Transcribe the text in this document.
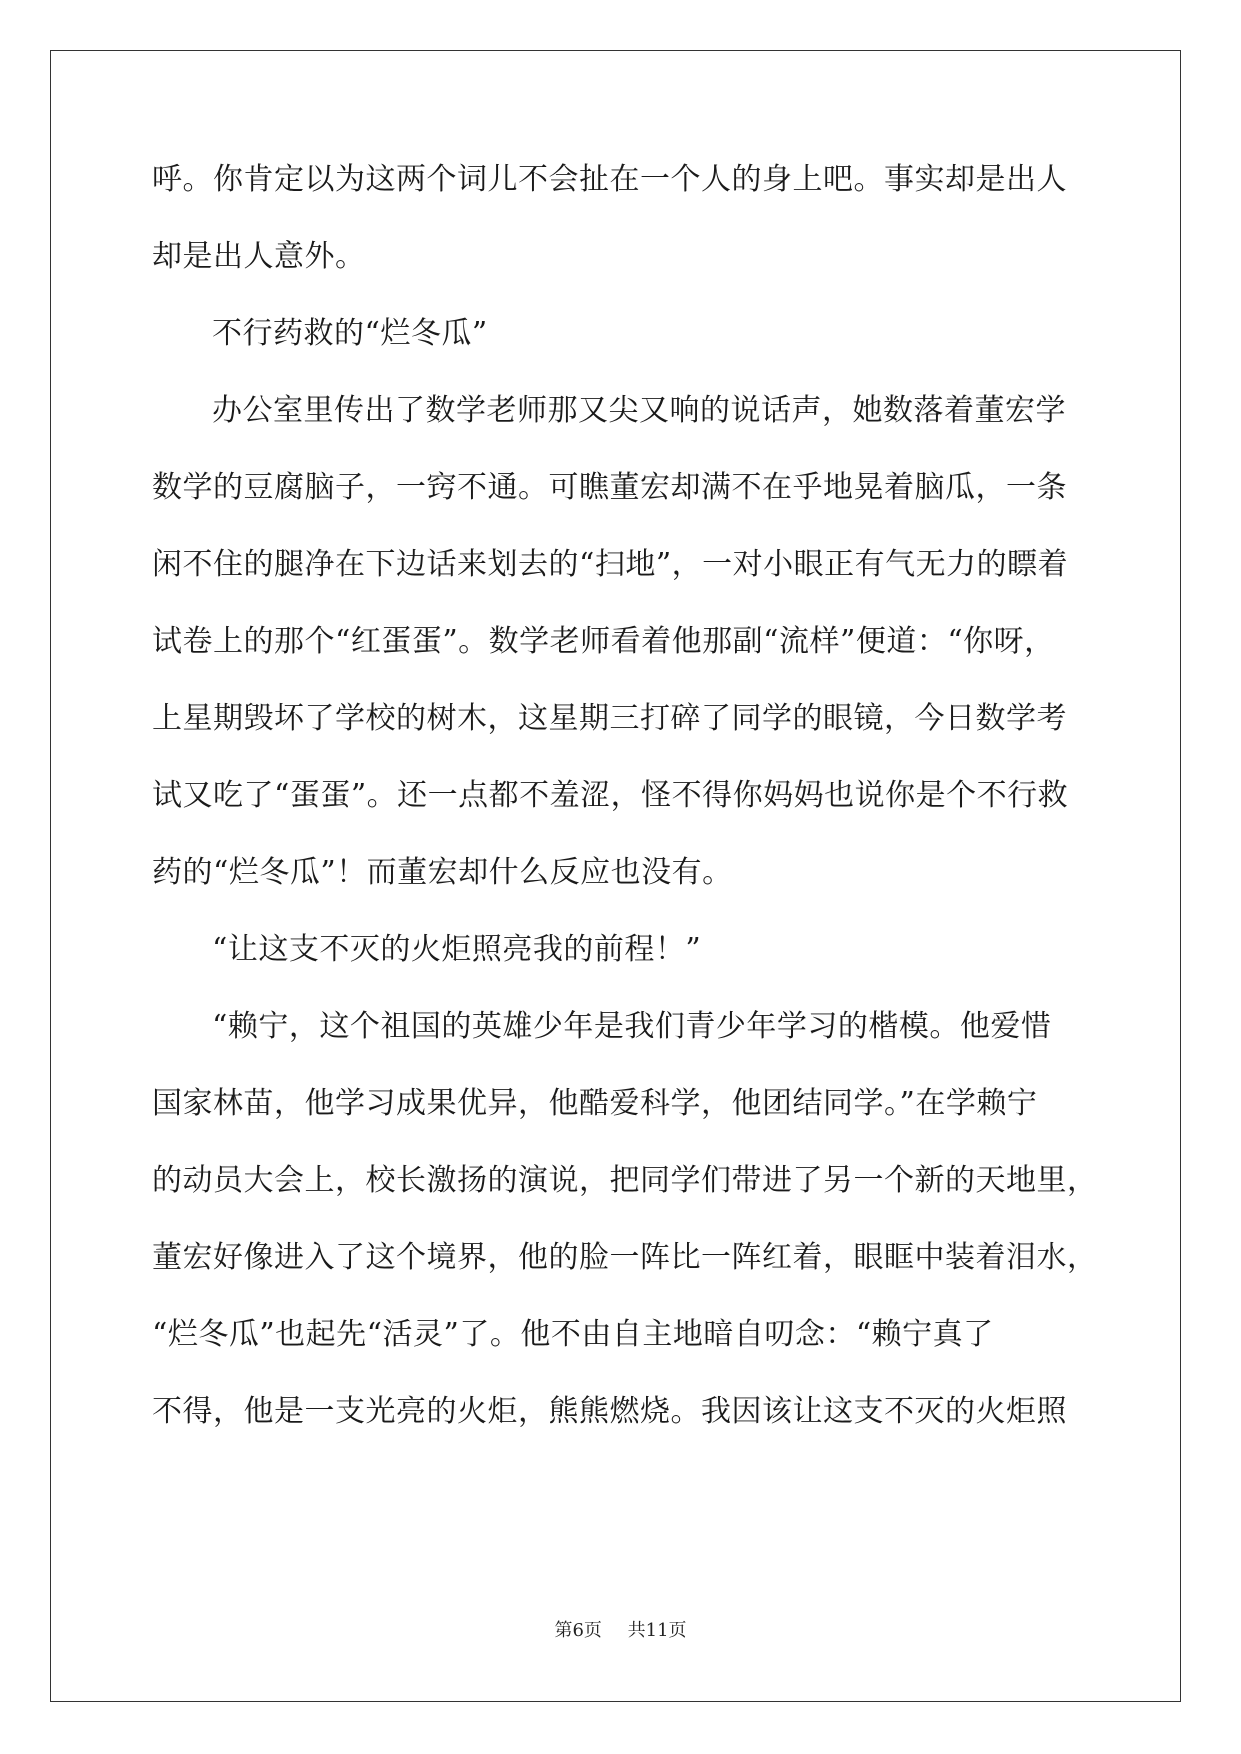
呼。你肯定以为这两个词儿不会扯在一个人的身上吧。事实却是出人
却是出人意外。
不行药救的“烂冬瓜”
办公室里传出了数学老师那又尖又响的说话声，她数落着董宏学
数学的豆腐脑子，一窍不通。可瞧董宏却满不在乎地晃着脑瓜，一条
闲不住的腿净在下边话来划去的“扫地”，一对小眼正有气无力的瞟着
试卷上的那个“红蛋蛋”。数学老师看着他那副“流样”便道：“你呀，
上星期毁坏了学校的树木，这星期三打碎了同学的眼镜，今日数学考
试又吃了“蛋蛋”。还一点都不羞涩，怪不得你妈妈也说你是个不行救
药的“烂冬瓜”！而董宏却什么反应也没有。
“让这支不灭的火炬照亮我的前程！”
“赖宁，这个祖国的英雄少年是我们青少年学习的楷模。他爱惜
国家林苗，他学习成果优异，他酷爱科学，他团结同学。”在学赖宁
的动员大会上，校长激扬的演说，把同学们带进了另一个新的天地里，
董宏好像进入了这个境界，他的脸一阵比一阵红着，眼眶中装着泪水，
“烂冬瓜”也起先“活灵”了。他不由自主地暗自叨念：“赖宁真了
不得，他是一支光亮的火炬，熊熊燃烧。我因该让这支不灭的火炬照
第6页 共11页
